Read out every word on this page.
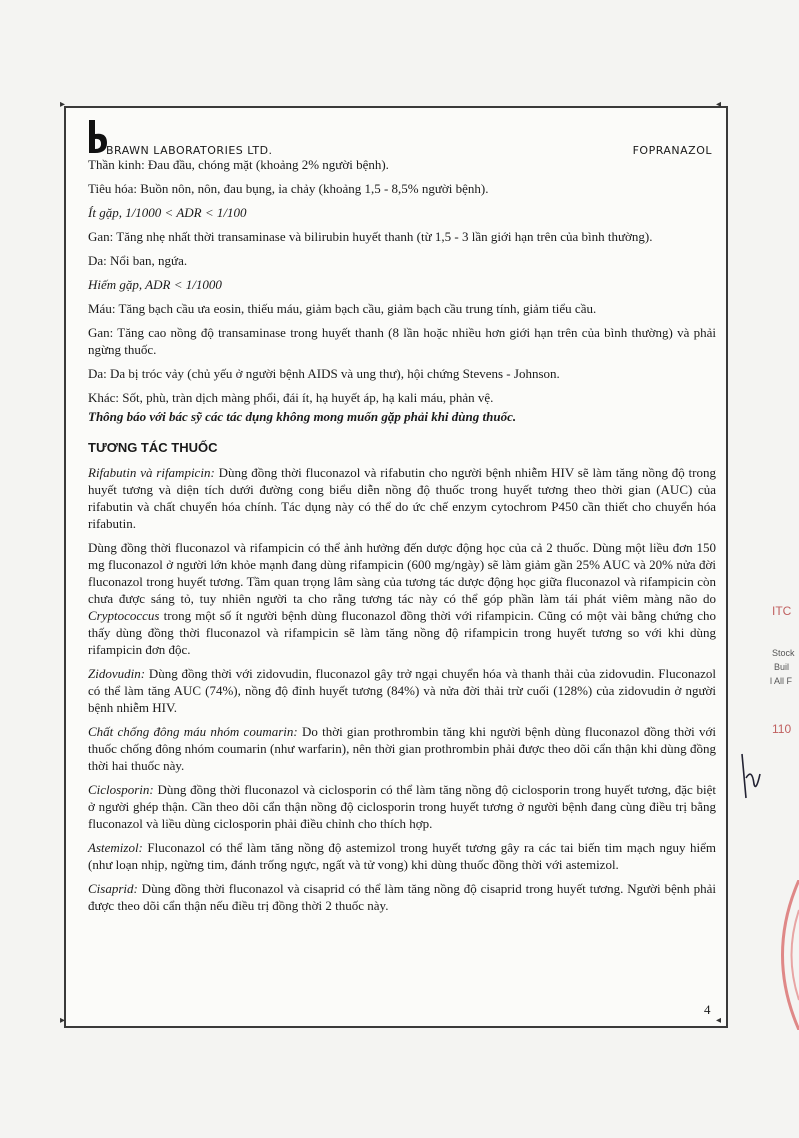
▸	◂
▸	◂
BRAWN LABORATORIES LTD.	FOPRANAZOL

Thần kinh: Đau đầu, chóng mặt (khoảng 2% người bệnh).

Tiêu hóa: Buồn nôn, nôn, đau bụng, ỉa chảy (khoảng 1,5 - 8,5% người bệnh).

Ít gặp, 1/1000 < ADR < 1/100

Gan: Tăng nhẹ nhất thời transaminase và bilirubin huyết thanh (từ 1,5 - 3 lần giới hạn trên của bình thường).

Da: Nổi ban, ngứa.

Hiếm gặp, ADR < 1/1000

Máu: Tăng bạch cầu ưa eosin, thiếu máu, giảm bạch cầu, giảm bạch cầu trung tính, giảm tiểu cầu.

Gan: Tăng cao nồng độ transaminase trong huyết thanh (8 lần hoặc nhiều hơn giới hạn trên của bình thường) và phải ngừng thuốc.

Da: Da bị tróc vảy (chủ yếu ở người bệnh AIDS và ung thư), hội chứng Stevens - Johnson.

Khác: Sốt, phù, tràn dịch màng phổi, đái ít, hạ huyết áp, hạ kali máu, phản vệ.

Thông báo với bác sỹ các tác dụng không mong muốn gặp phải khi dùng thuốc.

TƯƠNG TÁC THUỐC

Rifabutin và rifampicin: Dùng đồng thời fluconazol và rifabutin cho người bệnh nhiễm HIV sẽ làm tăng nồng độ trong huyết tương và diện tích dưới đường cong biểu diễn nồng độ thuốc trong huyết tương theo thời gian (AUC) của rifabutin và chất chuyển hóa chính. Tác dụng này có thể do ức chế enzym cytochrom P450 cần thiết cho chuyển hóa rifabutin.

Dùng đồng thời fluconazol và rifampicin có thể ảnh hưởng đến dược động học của cả 2 thuốc. Dùng một liều đơn 150 mg fluconazol ở người lớn khỏe mạnh đang dùng rifampicin (600 mg/ngày) sẽ làm giảm gần 25% AUC và 20% nửa đời fluconazol trong huyết tương. Tầm quan trọng lâm sàng của tương tác dược động học giữa fluconazol và rifampicin còn chưa được sáng tỏ, tuy nhiên người ta cho rằng tương tác này có thể góp phần làm tái phát viêm màng não do Cryptococcus trong một số ít người bệnh dùng fluconazol đồng thời với rifampicin. Cũng có một vài bằng chứng cho thấy dùng đồng thời fluconazol và rifampicin sẽ làm tăng nồng độ rifampicin trong huyết tương so với khi dùng rifampicin đơn độc.

Zidovudin: Dùng đồng thời với zidovudin, fluconazol gây trở ngại chuyển hóa và thanh thải của zidovudin. Fluconazol có thể làm tăng AUC (74%), nồng độ đỉnh huyết tương (84%) và nửa đời thải trừ cuối (128%) của zidovudin ở người bệnh nhiễm HIV.

Chất chống đông máu nhóm coumarin: Do thời gian prothrombin tăng khi người bệnh dùng fluconazol đồng thời với thuốc chống đông nhóm coumarin (như warfarin), nên thời gian prothrombin phải được theo dõi cẩn thận khi dùng đồng thời hai thuốc này.

Ciclosporin: Dùng đồng thời fluconazol và ciclosporin có thể làm tăng nồng độ ciclosporin trong huyết tương, đặc biệt ở người ghép thận. Cần theo dõi cẩn thận nồng độ ciclosporin trong huyết tương ở người bệnh đang cùng điều trị bằng fluconazol và liều dùng ciclosporin phải điều chỉnh cho thích hợp.

Astemizol: Fluconazol có thể làm tăng nồng độ astemizol trong huyết tương gây ra các tai biến tim mạch nguy hiểm (như loạn nhịp, ngừng tim, đánh trống ngực, ngất và tử vong) khi dùng thuốc đồng thời với astemizol.

Cisaprid: Dùng đồng thời fluconazol và cisaprid có thể làm tăng nồng độ cisaprid trong huyết tương. Người bệnh phải được theo dõi cẩn thận nếu điều trị đồng thời 2 thuốc này.

4
ITC
Stock
Buil
l All F
110
